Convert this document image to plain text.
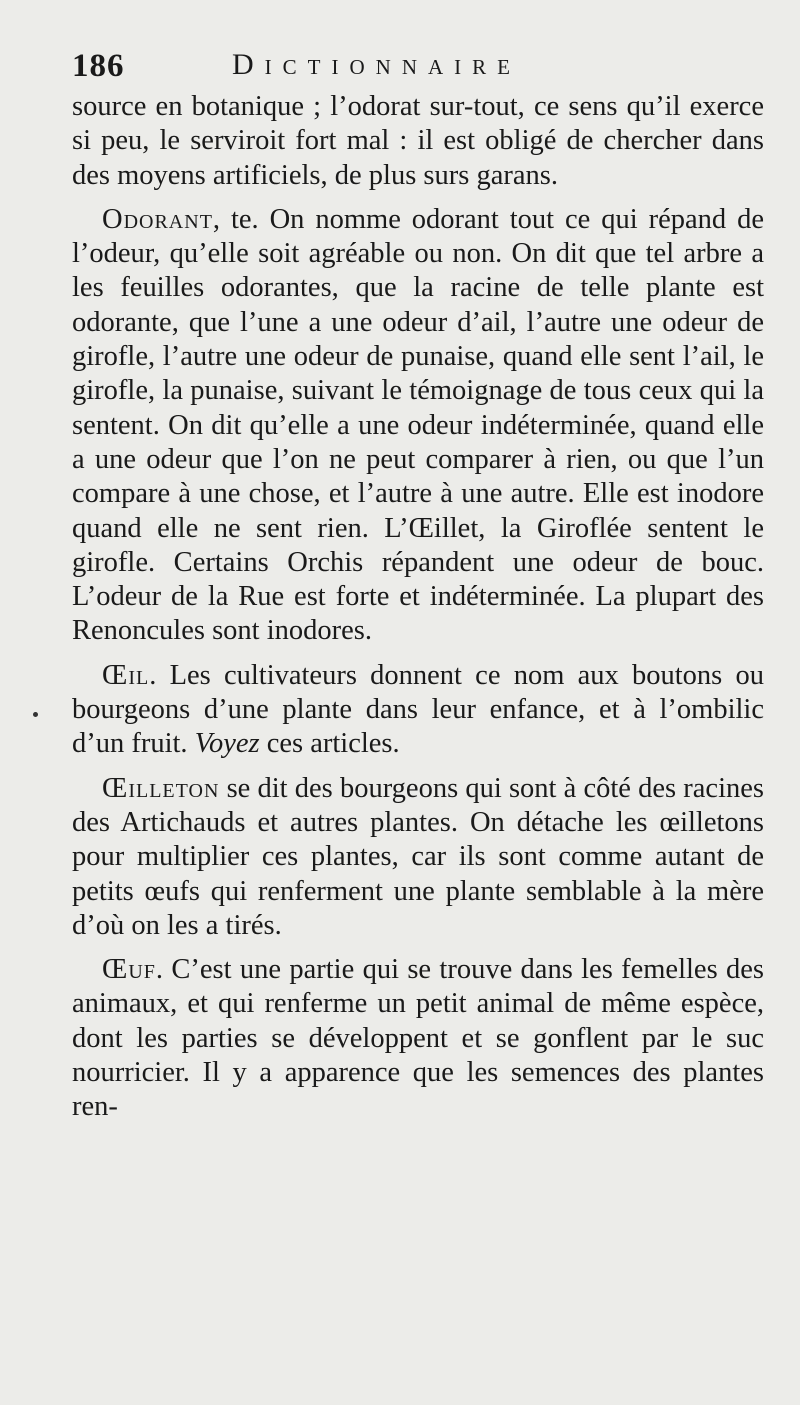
186	Dictionnaire

source en botanique ; l’odorat sur-tout, ce sens qu’il exerce si peu, le serviroit fort mal : il est obligé de chercher dans des moyens artificiels, de plus surs garans.

Odorant, te. On nomme odorant tout ce qui répand de l’odeur, qu’elle soit agréable ou non. On dit que tel arbre a les feuilles odorantes, que la racine de telle plante est odorante, que l’une a une odeur d’ail, l’autre une odeur de girofle, l’autre une odeur de punaise, quand elle sent l’ail, le girofle, la punaise, suivant le témoignage de tous ceux qui la sentent. On dit qu’elle a une odeur indéterminée, quand elle a une odeur que l’on ne peut comparer à rien, ou que l’un compare à une chose, et l’autre à une autre. Elle est inodore quand elle ne sent rien. L’Œillet, la Giroflée sentent le girofle. Certains Orchis répandent une odeur de bouc. L’odeur de la Rue est forte et indéterminée. La plupart des Renoncules sont inodores.

Œil. Les cultivateurs donnent ce nom aux boutons ou bourgeons d’une plante dans leur enfance, et à l’ombilic d’un fruit. Voyez ces articles.

Œilleton se dit des bourgeons qui sont à côté des racines des Artichauds et autres plantes. On détache les œilletons pour multiplier ces plantes, car ils sont comme autant de petits œufs qui renferment une plante semblable à la mère d’où on les a tirés.

Œuf. C’est une partie qui se trouve dans les femelles des animaux, et qui renferme un petit animal de même espèce, dont les parties se développent et se gonflent par le suc nourricier. Il y a apparence que les semences des plantes ren-
